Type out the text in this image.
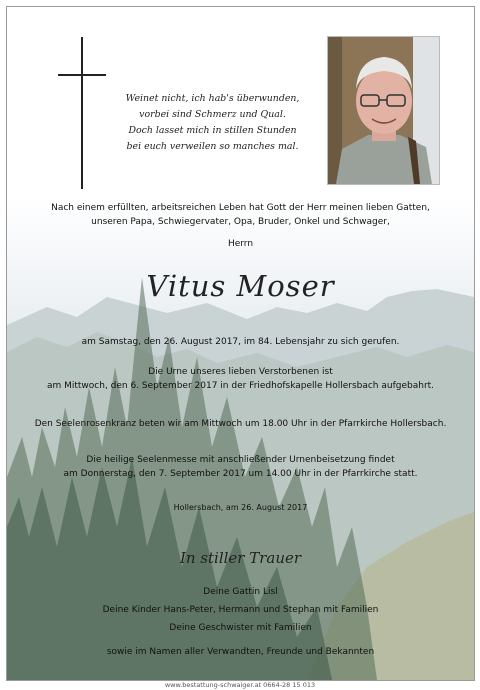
Weinet nicht, ich hab's überwunden,
vorbei sind Schmerz und Qual.
Doch lasset mich in stillen Stunden
bei euch verweilen so manches mal.
Nach einem erfüllten, arbeitsreichen Leben hat Gott der Herr meinen lieben Gatten,
unseren Papa, Schwiegervater, Opa, Bruder, Onkel und Schwager,
Herrn
Vitus Moser
am Samstag, den 26. August 2017, im 84. Lebensjahr zu sich gerufen.
Die Urne unseres lieben Verstorbenen ist
am Mittwoch, den 6. September 2017 in der Friedhofskapelle Hollersbach aufgebahrt.
Den Seelenrosenkranz beten wir am Mittwoch um 18.00 Uhr in der Pfarrkirche Hollersbach.
Die heilige Seelenmesse mit anschließender Urnenbeisetzung findet
am Donnerstag, den 7. September 2017 um 14.00 Uhr in der Pfarrkirche statt.
Hollersbach, am 26. August 2017
In stiller Trauer
Deine Gattin Lisl
Deine Kinder Hans-Peter, Hermann und Stephan mit Familien
Deine Geschwister mit Familien
sowie im Namen aller Verwandten, Freunde und Bekannten
www.bestattung-schwaiger.at 0664-28 15 013
